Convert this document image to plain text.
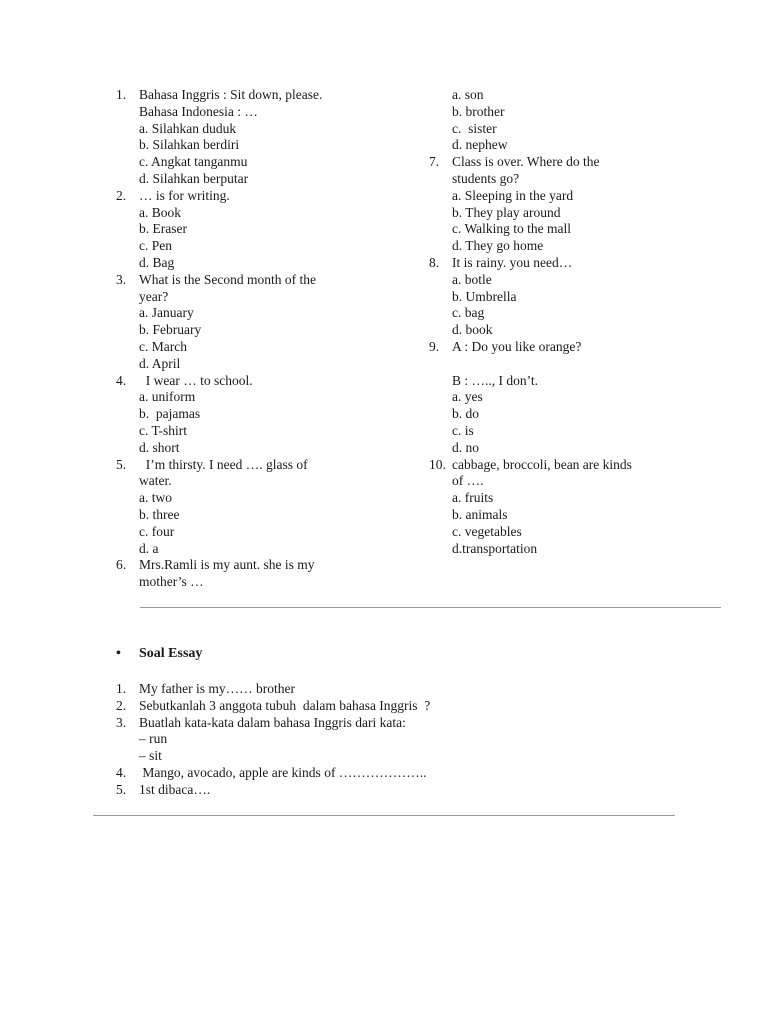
1. Bahasa Inggris : Sit down, please.
Bahasa Indonesia : …
a. Silahkan duduk
b. Silahkan berdiri
c. Angkat tanganmu
d. Silahkan berputar
2. … is for writing.
a. Book
b. Eraser
c. Pen
d. Bag
3. What is the Second month of the
year?
a. January
b. February
c. March
d. April
4. I wear … to school.
a. uniform
b.  pajamas
c. T-shirt
d. short
5. I’m thirsty. I need …. glass of
water.
a. two
b. three
c. four
d. a
6. Mrs.Ramli is my aunt. she is my
mother’s …
a. son
b. brother
c.  sister
d. nephew
7. Class is over. Where do the
students go?
a. Sleeping in the yard
b. They play around
c. Walking to the mall
d. They go home
8. It is rainy. you need…
a. botle
b. Umbrella
c. bag
d. book
9. A : Do you like orange?
B : ….., I don’t.
a. yes
b. do
c. is
d. no
10. cabbage, broccoli, bean are kinds
of ….
a. fruits
b. animals
c. vegetables
d.transportation
• Soal Essay
1. My father is my…… brother
2. Sebutkanlah 3 anggota tubuh  dalam bahasa Inggris  ?
3. Buatlah kata-kata dalam bahasa Inggris dari kata:
– run
– sit
4. Mango, avocado, apple are kinds of ………………..
5. 1st dibaca….
